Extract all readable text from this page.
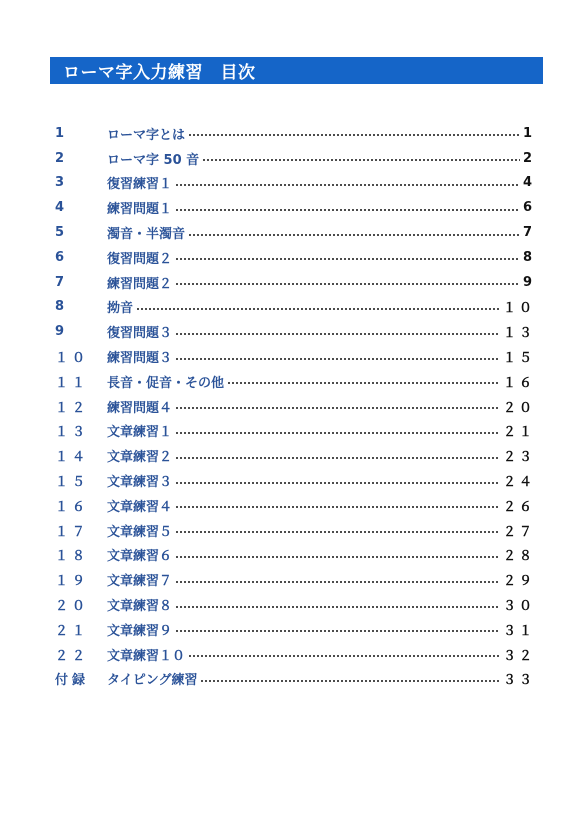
ローマ字入力練習　目次
1	ローマ字とは	1
2	ローマ字 50 音	2
3	復習練習１	4
4	練習問題１	6
5	濁音・半濁音	7
6	復習問題２	8
7	練習問題２	9
8	拗音	１０
9	復習問題３	１３
１０	練習問題３	１５
１１	長音・促音・その他	１６
１２	練習問題４	２０
１３	文章練習１	２１
１４	文章練習２	２３
１５	文章練習３	２４
１６	文章練習４	２６
１７	文章練習５	２７
１８	文章練習６	２８
１９	文章練習７	２９
２０	文章練習８	３０
２１	文章練習９	３１
２２	文章練習１０	３２
付録	タイピング練習	３３
